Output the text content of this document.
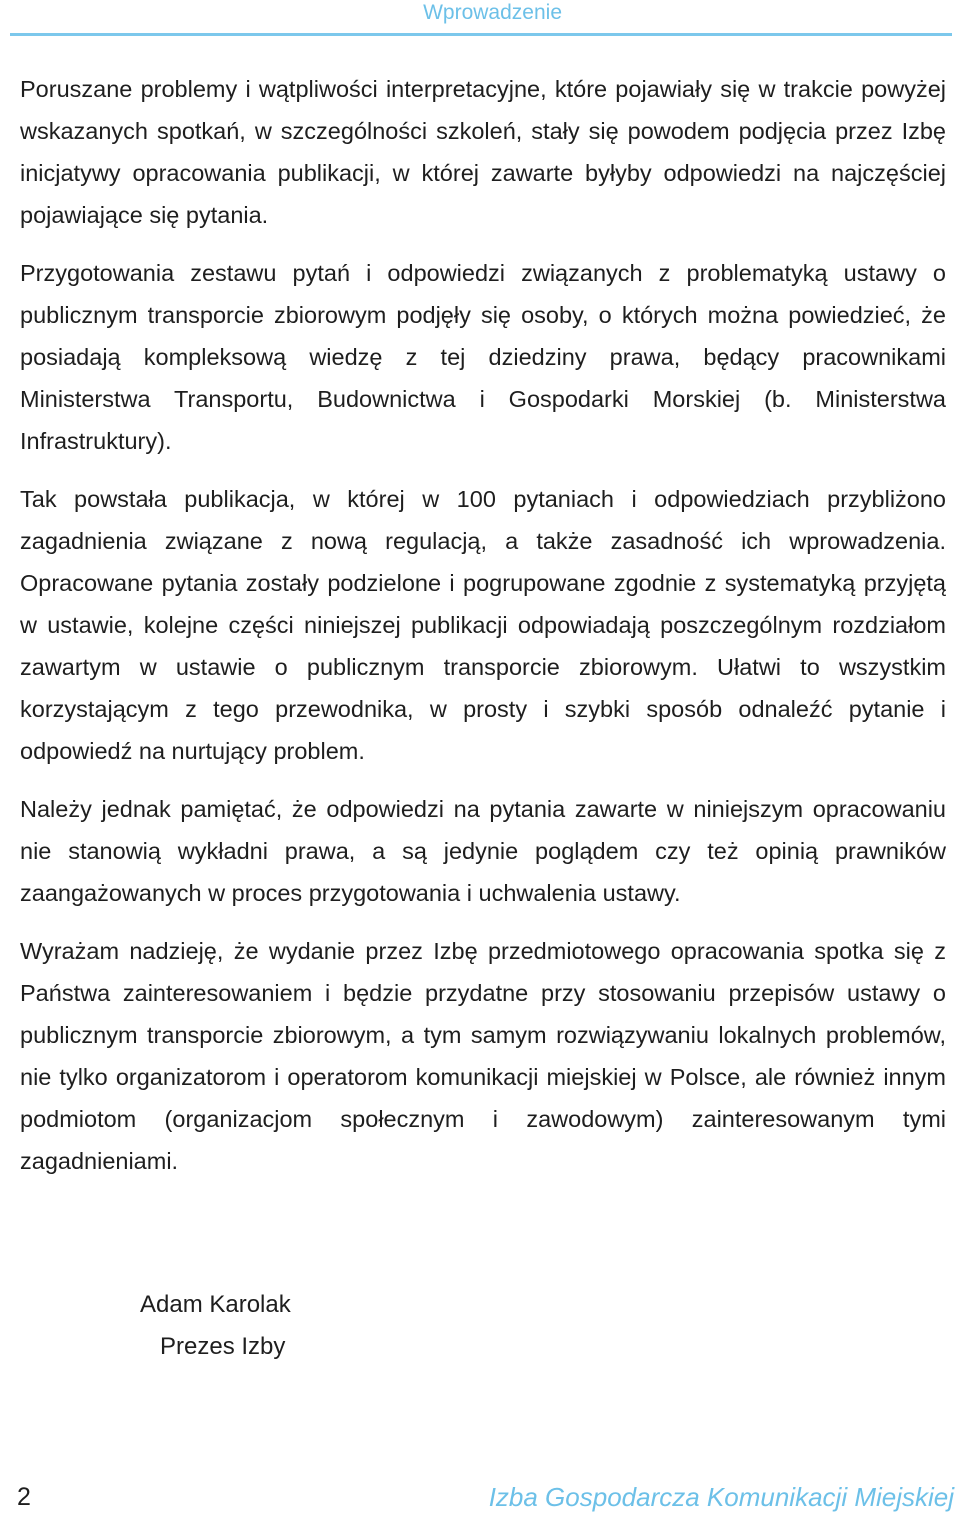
Wprowadzenie

Poruszane problemy i wątpliwości interpretacyjne, które pojawiały się w trakcie powyżej wskazanych spotkań, w szczególności szkoleń, stały się powodem podjęcia przez Izbę inicjatywy opracowania publikacji, w której zawarte byłyby odpowiedzi na najczęściej pojawiające się pytania.

Przygotowania zestawu pytań i odpowiedzi związanych z problematyką ustawy o publicznym transporcie zbiorowym podjęły się osoby, o których można powiedzieć, że posiadają kompleksową wiedzę z tej dziedziny prawa, będący pracownikami Ministerstwa Transportu, Budownictwa i Gospodarki Morskiej (b. Ministerstwa Infrastruktury).

Tak powstała publikacja, w której w 100 pytaniach i odpowiedziach przybliżono zagadnienia związane z nową regulacją, a także zasadność ich wprowadzenia. Opracowane pytania zostały podzielone i pogrupowane zgodnie z systematyką przyjętą w ustawie, kolejne części niniejszej publikacji odpowiadają poszczególnym rozdziałom zawartym w ustawie o publicznym transporcie zbiorowym. Ułatwi to wszystkim korzystającym z tego przewodnika, w prosty i szybki sposób odnaleźć pytanie i odpowiedź na nurtujący problem.

Należy jednak pamiętać, że odpowiedzi na pytania zawarte w niniejszym opracowaniu nie stanowią wykładni prawa, a są jedynie poglądem czy też opinią prawników zaangażowanych w proces przygotowania i uchwalenia ustawy.

Wyrażam nadzieję, że wydanie przez Izbę przedmiotowego opracowania spotka się z Państwa zainteresowaniem i będzie przydatne przy stosowaniu przepisów ustawy o publicznym transporcie zbiorowym, a tym samym rozwiązywaniu lokalnych problemów, nie tylko organizatorom i operatorom komunikacji miejskiej w Polsce, ale również innym podmiotom (organizacjom społecznym i zawodowym) zainteresowanym tymi zagadnieniami.

Adam Karolak
Prezes Izby
2	Izba Gospodarcza Komunikacji Miejskiej
